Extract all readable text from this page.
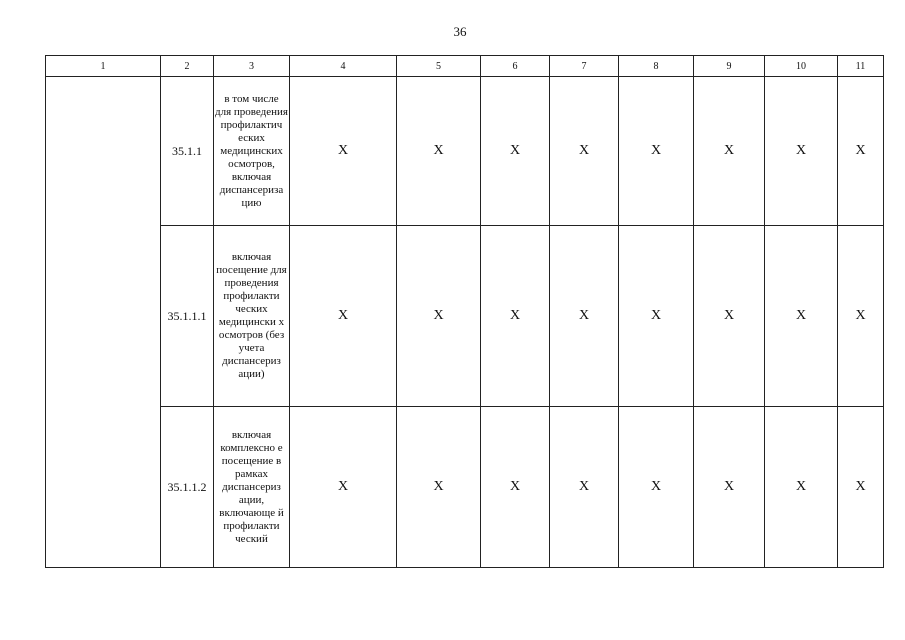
36
1	2	3	4	5	6	7	8	9	10	11
	35.1.1	в том числе для проведения профилактич еских медицинских осмотров, включая диспансериза цию	X	X	X	X	X	X	X	X
	35.1.1.1	включая посещение для проведения профилакти ческих медицински х осмотров (без учета диспансериз ации)	X	X	X	X	X	X	X	X
	35.1.1.2	включая комплексно е посещение в рамках диспансериз ации, включающе й профилакти ческий	X	X	X	X	X	X	X	X
